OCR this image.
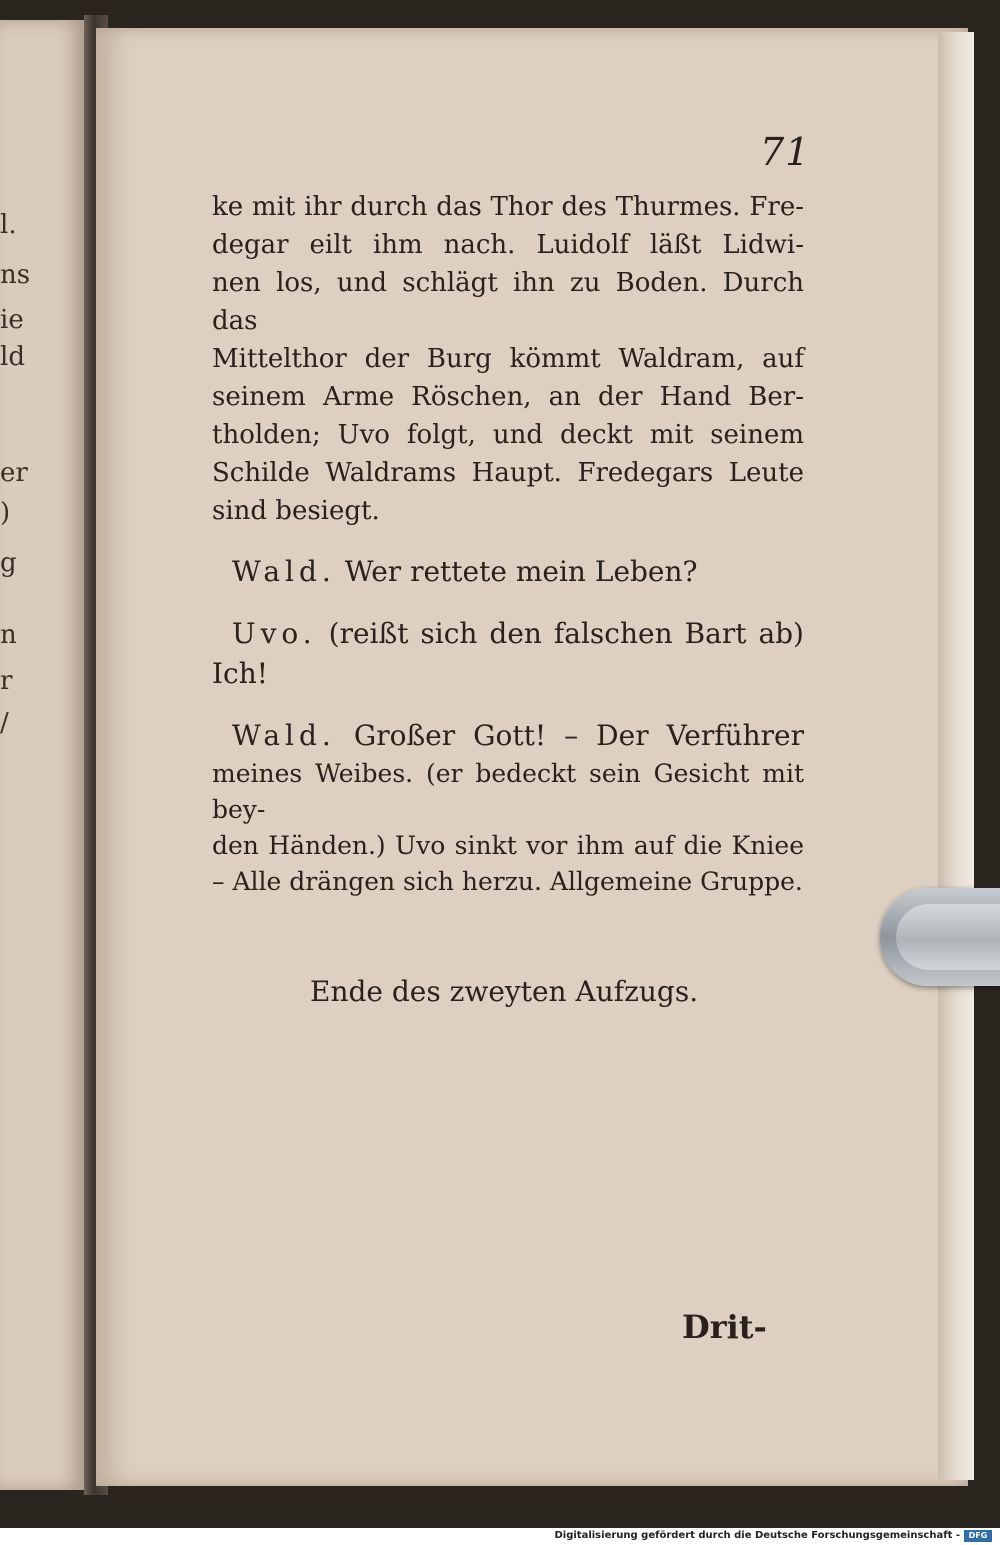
l.
ns
ie
ld
er
)
g
n
r
/
71

ke mit ihr durch das Thor des Thurmes. Fre-
degar eilt ihm nach. Luidolf läßt Lidwi-
nen los, und schlägt ihn zu Boden. Durch das
Mittelthor der Burg kömmt Waldram, auf
seinem Arme Röschen, an der Hand Ber-
tholden; Uvo folgt, und deckt mit seinem
Schilde Waldrams Haupt. Fredegars Leute
sind besiegt.

Wald. Wer rettete mein Leben?

Uvo. (reißt sich den falschen Bart ab) Ich!

Wald. Großer Gott! – Der Verführer
meines Weibes. (er bedeckt sein Gesicht mit bey-
den Händen.) Uvo sinkt vor ihm auf die Kniee
– Alle drängen sich herzu. Allgemeine Gruppe.

Ende des zweyten Aufzugs.
Drit-
Digitalisierung gefördert durch die Deutsche Forschungsgemeinschaft -	DFG
